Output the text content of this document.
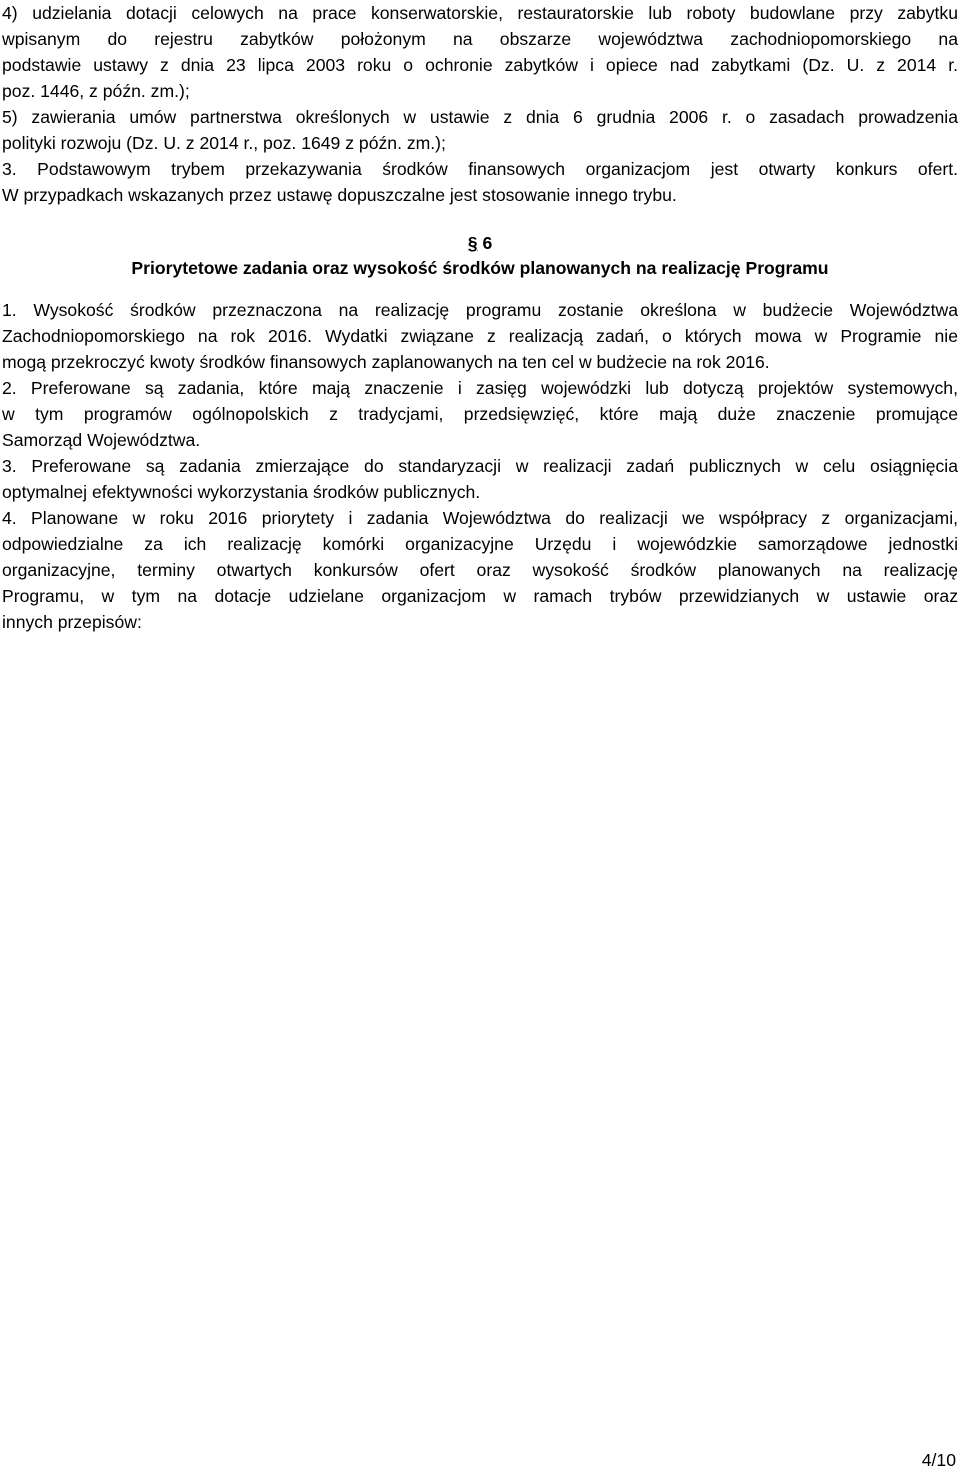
4) udzielania dotacji celowych na prace konserwatorskie, restauratorskie lub roboty budowlane przy zabytku
wpisanym do rejestru zabytków położonym na obszarze województwa zachodniopomorskiego na
podstawie ustawy z dnia 23 lipca 2003 roku o ochronie zabytków i opiece nad zabytkami (Dz. U. z 2014 r.
poz. 1446, z późn. zm.);
5) zawierania umów partnerstwa określonych w ustawie z dnia 6 grudnia 2006 r. o zasadach prowadzenia
polityki rozwoju (Dz. U. z 2014 r., poz. 1649 z późn. zm.);
3. Podstawowym trybem przekazywania środków finansowych organizacjom jest otwarty konkurs ofert.
W przypadkach wskazanych przez ustawę dopuszczalne jest stosowanie innego trybu.
§ 6
Priorytetowe zadania oraz wysokość środków planowanych na realizację Programu
1. Wysokość środków przeznaczona na realizację programu zostanie określona w budżecie Województwa
Zachodniopomorskiego na rok 2016. Wydatki związane z realizacją zadań, o których mowa w Programie nie
mogą przekroczyć kwoty środków finansowych zaplanowanych na ten cel w budżecie na rok 2016.
2. Preferowane są zadania, które mają znaczenie i zasięg wojewódzki lub dotyczą projektów systemowych,
w tym programów ogólnopolskich z tradycjami, przedsięwzięć, które mają duże znaczenie promujące
Samorząd Województwa.
3. Preferowane są zadania zmierzające do standaryzacji w realizacji zadań publicznych w celu osiągnięcia
optymalnej efektywności wykorzystania środków publicznych.
4. Planowane w roku 2016 priorytety i zadania Województwa do realizacji we współpracy z organizacjami,
odpowiedzialne za ich realizację komórki organizacyjne Urzędu i wojewódzkie samorządowe jednostki
organizacyjne, terminy otwartych konkursów ofert oraz wysokość środków planowanych na realizację
Programu, w tym na dotacje udzielane organizacjom w ramach trybów przewidzianych w ustawie oraz
innych przepisów:
4/10
